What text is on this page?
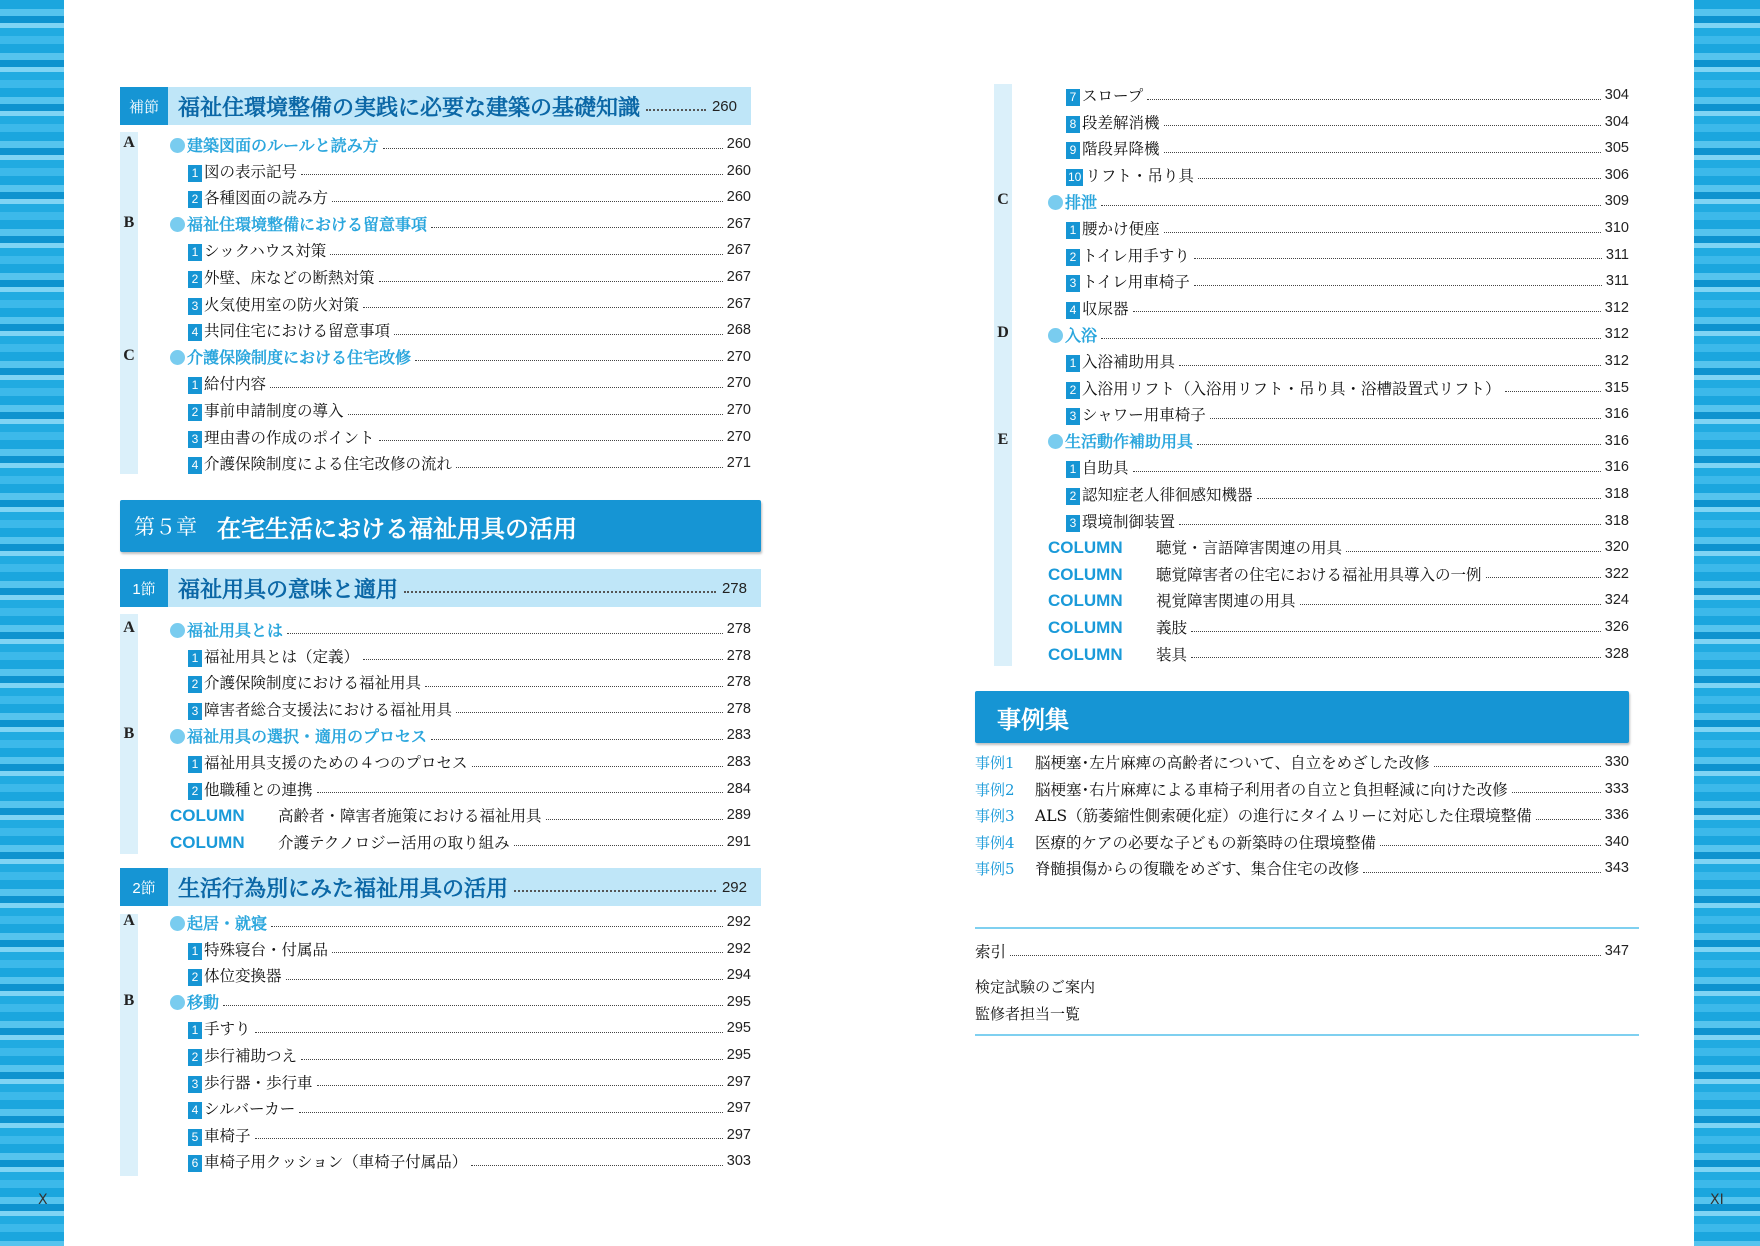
X	XI
補節 福祉住環境整備の実践に必要な建築の基礎知識	260
A	建築図面のルールと読み方	260
1 図の表示記号	260
2 各種図面の読み方	260
B	福祉住環境整備における留意事項	267
1 シックハウス対策	267
2 外壁、床などの断熱対策	267
3 火気使用室の防火対策	267
4 共同住宅における留意事項	268
C	介護保険制度における住宅改修	270
1 給付内容	270
2 事前申請制度の導入	270
3 理由書の作成のポイント	270
4 介護保険制度による住宅改修の流れ	271
第５章 在宅生活における福祉用具の活用
1節	福祉用具の意味と適用	278
A	福祉用具とは	278
1 福祉用具とは（定義）	278
2 介護保険制度における福祉用具	278
3 障害者総合支援法における福祉用具	278
B	福祉用具の選択・適用のプロセス	283
1 福祉用具支援のための４つのプロセス	283
2 他職種との連携	284
COLUMN 高齢者・障害者施策における福祉用具	289
COLUMN 介護テクノロジー活用の取り組み	291
2節	生活行為別にみた福祉用具の活用	292
A	起居・就寝	292
1 特殊寝台・付属品	292
2 体位変換器	294
B	移動	295
1 手すり	295
2 歩行補助つえ	295
3 歩行器・歩行車	297
4 シルバーカー	297
5 車椅子	297
6 車椅子用クッション（車椅子付属品）	303
7 スロープ	304
8 段差解消機	304
9 階段昇降機	305
10 リフト・吊り具	306
C	排泄	309
1 腰かけ便座	310
2 トイレ用手すり	311
3 トイレ用車椅子	311
4 収尿器	312
D	入浴	312
1 入浴補助用具	312
2 入浴用リフト（入浴用リフト・吊り具・浴槽設置式リフト）	315
3 シャワー用車椅子	316
E	生活動作補助用具	316
1 自助具	316
2 認知症老人徘徊感知機器	318
3 環境制御装置	318
COLUMN 聴覚・言語障害関連の用具	320
COLUMN 聴覚障害者の住宅における福祉用具導入の一例	322
COLUMN 視覚障害関連の用具	324
COLUMN 義肢	326
COLUMN 装具	328
事例集
事例1 脳梗塞･左片麻痺の高齢者について、自立をめざした改修	330
事例2 脳梗塞･右片麻痺による車椅子利用者の自立と負担軽減に向けた改修	333
事例3 ALS（筋萎縮性側索硬化症）の進行にタイムリーに対応した住環境整備	336
事例4 医療的ケアの必要な子どもの新築時の住環境整備	340
事例5 脊髄損傷からの復職をめざす、集合住宅の改修	343
索引	347
検定試験のご案内
監修者担当一覧
